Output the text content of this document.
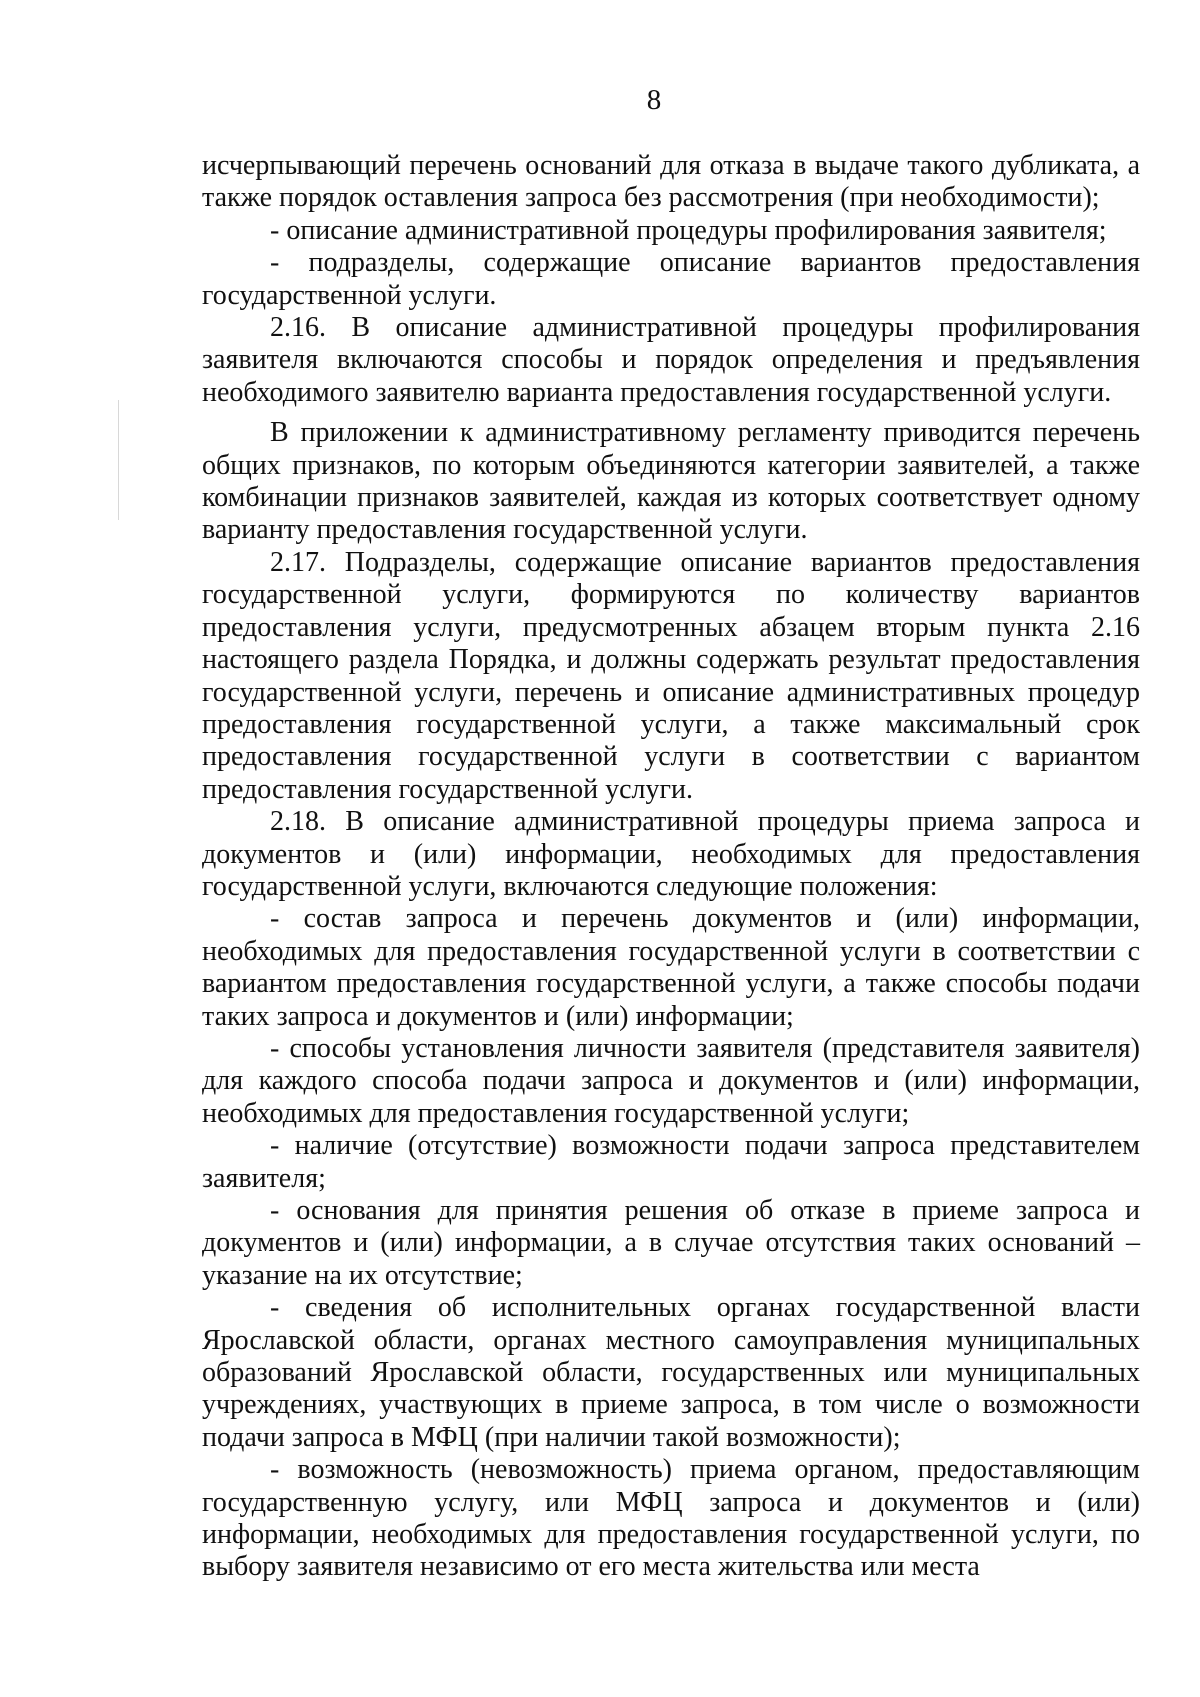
8

исчерпывающий перечень оснований для отказа в выдаче такого дубликата, а также порядок оставления запроса без рассмотрения (при необходимости);

- описание административной процедуры профилирования заявителя;

- подразделы, содержащие описание вариантов предоставления государственной услуги.

2.16. В описание административной процедуры профилирования заявителя включаются способы и порядок определения и предъявления необходимого заявителю варианта предоставления государственной услуги.

В приложении к административному регламенту приводится перечень общих признаков, по которым объединяются категории заявителей, а также комбинации признаков заявителей, каждая из которых соответствует одному варианту предоставления государственной услуги.

2.17. Подразделы, содержащие описание вариантов предоставления государственной услуги, формируются по количеству вариантов предоставления услуги, предусмотренных абзацем вторым пункта 2.16 настоящего раздела Порядка, и должны содержать результат предоставления государственной услуги, перечень и описание административных процедур предоставления государственной услуги, а также максимальный срок предоставления государственной услуги в соответствии с вариантом предоставления государственной услуги.

2.18. В описание административной процедуры приема запроса и документов и (или) информации, необходимых для предоставления государственной услуги, включаются следующие положения:

- состав запроса и перечень документов и (или) информации, необходимых для предоставления государственной услуги в соответствии с вариантом предоставления государственной услуги, а также способы подачи таких запроса и документов и (или) информации;

- способы установления личности заявителя (представителя заявителя) для каждого способа подачи запроса и документов и (или) информации, необходимых для предоставления государственной услуги;

- наличие (отсутствие) возможности подачи запроса представителем заявителя;

- основания для принятия решения об отказе в приеме запроса и документов и (или) информации, а в случае отсутствия таких оснований – указание на их отсутствие;

- сведения об исполнительных органах государственной власти Ярославской области, органах местного самоуправления муниципальных образований Ярославской области, государственных или муниципальных учреждениях, участвующих в приеме запроса, в том числе о возможности подачи запроса в МФЦ (при наличии такой возможности);

- возможность (невозможность) приема органом, предоставляющим государственную услугу, или МФЦ запроса и документов и (или) информации, необходимых для предоставления государственной услуги, по выбору заявителя независимо от его места жительства или места
